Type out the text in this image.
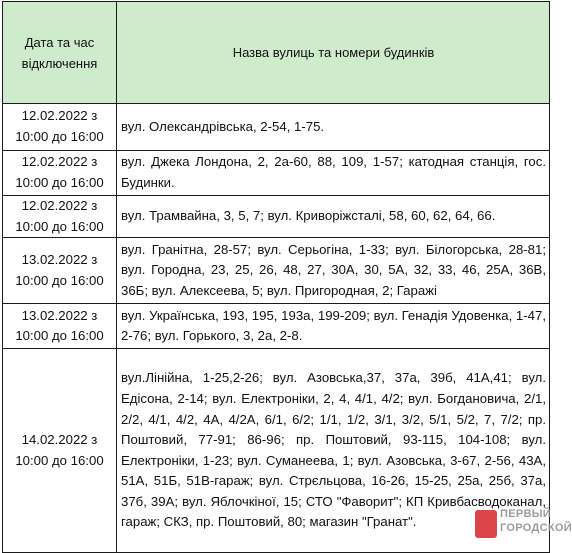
Дата та час відключення	Назва вулиць та номери будинків
12.02.2022 з
10:00 до 16:00	вул. Олександрівська, 2-54, 1-75.
12.02.2022 з
10:00 до 16:00	вул. Джека Лондона, 2, 2а-60, 88, 109, 1-57; катодная станція, гос. Будинки.
12.02.2022 з
10:00 до 16:00	вул. Трамвайна, 3, 5, 7; вул. Криворіжсталі, 58, 60, 62, 64, 66.
13.02.2022 з
10:00 до 16:00	вул. Гранітна, 28-57; вул. Серьогіна, 1-33; вул. Білогорська, 28-81; вул. Городна, 23, 25, 26, 48, 27, 30А, 30, 5А, 32, 33, 46, 25А, 36В, 36Б; вул. Алексеева, 5; вул. Пригородная, 2; Гаражі
13.02.2022 з
10:00 до 16:00	вул. Українська, 193, 195, 193а, 199-209; вул. Генадія Удовенка, 1-47, 2-76; вул. Горького, 3, 2а, 2-8.
14.02.2022 з
10:00 до 16:00	вул.Лінійна, 1-25,2-26; вул. Азовська,37, 37а, 39б, 41А,41; вул. Едісона, 2-14; вул. Електроніки, 2, 4, 4/1, 4/2; вул. Богдановича, 2/1, 2/2, 4/1, 4/2, 4А, 4/2А, 6/1, 6/2; 1/1, 1/2, 3/1, 3/2, 5/1, 5/2, 7, 7/2; пр. Поштовий, 77-91; 86-96; пр. Поштовий, 93-115, 104-108; вул. Електроніки, 1-23; вул. Суманеева, 1; вул. Азовська, 3-67, 2-56, 43А, 51А, 51Б, 51В-гараж; вул. Стрєльцова, 16-26, 15-25, 25а, 25б, 37а, 37б, 39А; вул. Яблочкіної, 15; СТО "Фаворит"; КП Кривбасводоканал, гараж; СКЗ, пр. Поштовий, 80; магазин "Гранат".
ПЕРВЫЙ
ГОРОДСКОЙ
